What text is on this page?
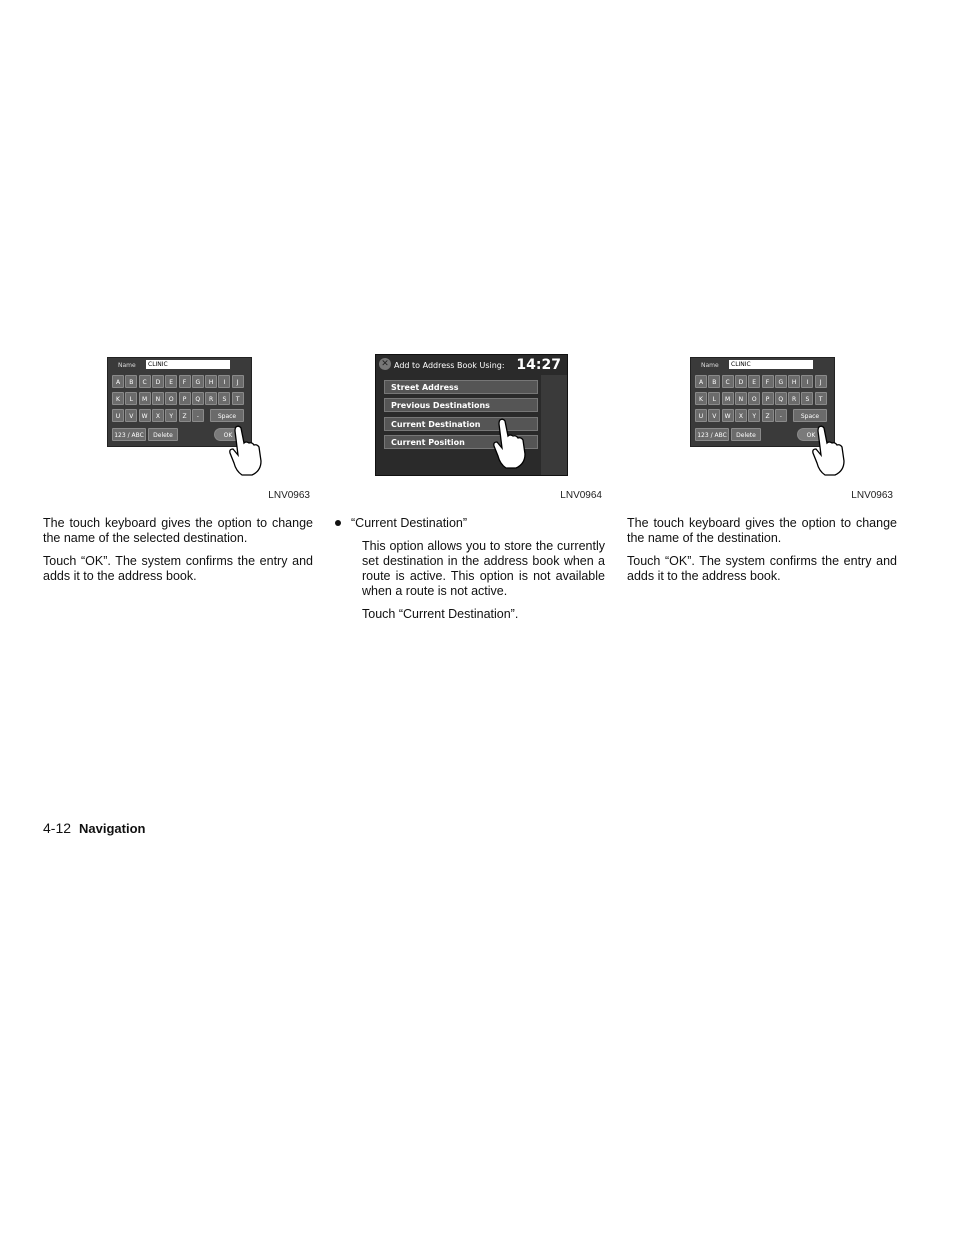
Name	CLINIC
Space
123 / ABC	Delete	OK
A	B	C	D	E	F	G	H	I	J
K	L	M	N	O	P	Q	R	S	T
U	V	W	X	Y	Z	-
LNV0963
✕ Add to Address Book Using: 14:27
Street Address
Previous Destinations
Current Destination
Current Position
LNV0964
Name	CLINIC
Space
123 / ABC	Delete	OK
A	B	C	D	E	F	G	H	I	J
K	L	M	N	O	P	Q	R	S	T
U	V	W	X	Y	Z	-
LNV0963

The touch keyboard gives the option to change the name of the selected destination.

Touch “OK”. The system confirms the entry and adds it to the address book.

“Current Destination”

This option allows you to store the currently set destination in the address book when a route is active. This option is not available when a route is not active.

Touch “Current Destination”.

The touch keyboard gives the option to change the name of the destination.

Touch “OK”. The system confirms the entry and adds it to the address book.

4-12 Navigation
